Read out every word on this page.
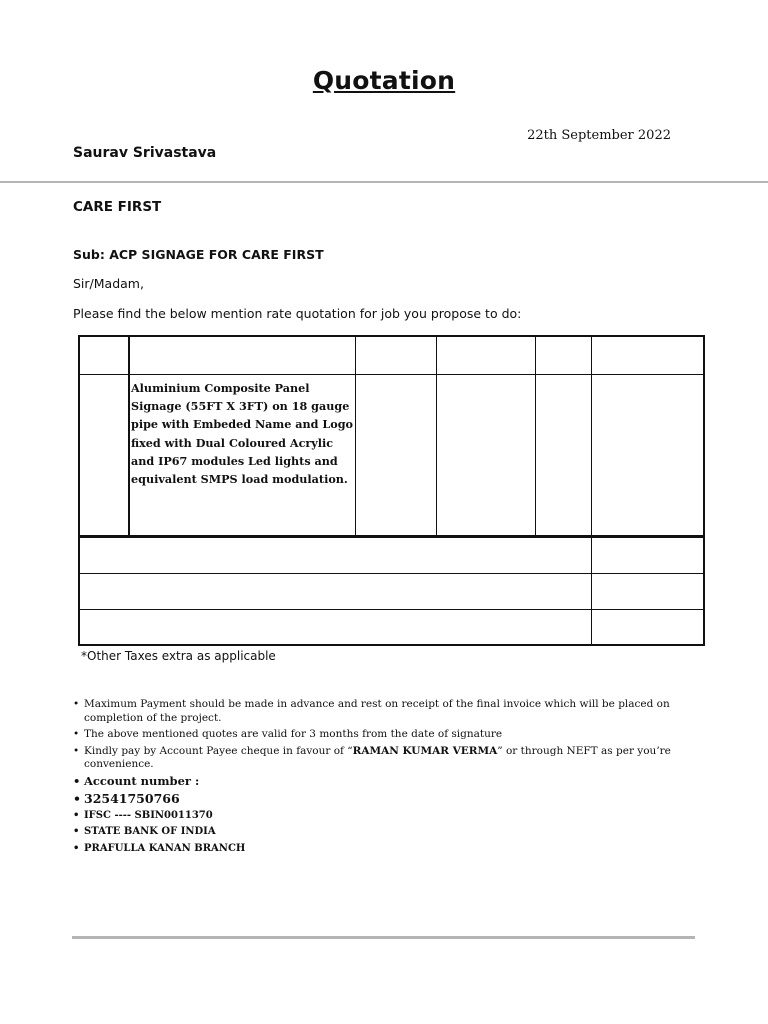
Quotation
22th September 2022
Saurav Srivastava
CARE FIRST
Sub: ACP SIGNAGE FOR CARE FIRST
Sir/Madam,
Please find the below mention rate quotation for job you propose to do:
Aluminium Composite Panel Signage (55FT X 3FT) on 18 gauge pipe with Embeded Name and Logo fixed with Dual Coloured Acrylic and IP67 modules Led lights and equivalent SMPS load modulation.
*Other Taxes extra as applicable
• Maximum Payment should be made in advance and rest on receipt of the final invoice which will be placed on completion of the project.
• The above mentioned quotes are valid for 3 months from the date of signature
• Kindly pay by Account Payee cheque in favour of “RAMAN KUMAR VERMA” or through NEFT as per you’re convenience.
• Account number :
• 32541750766
• IFSC ---- SBIN0011370
• STATE BANK OF INDIA
• PRAFULLA KANAN BRANCH
